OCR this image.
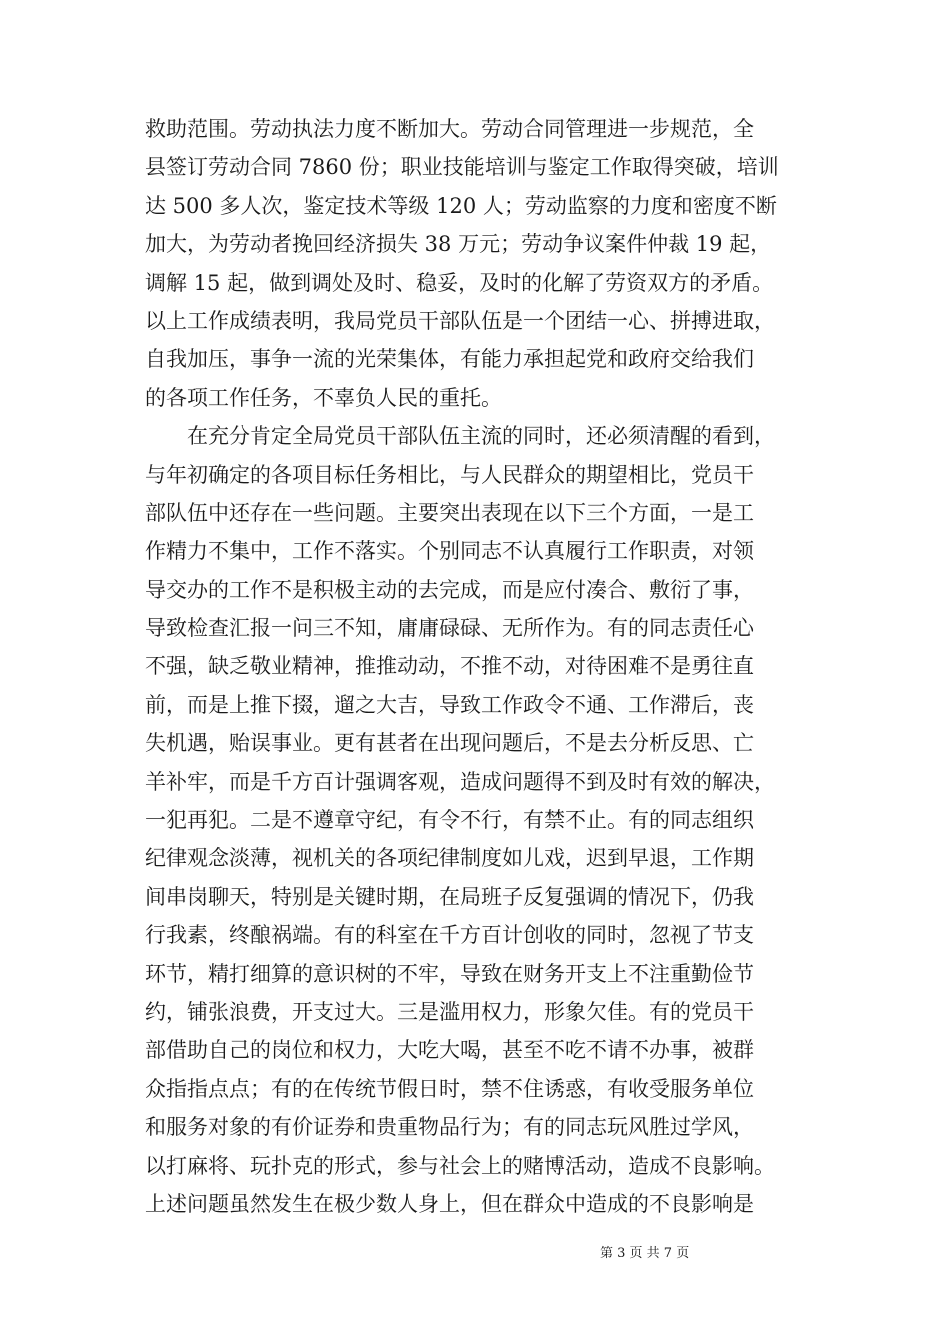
救助范围。劳动执法力度不断加大。劳动合同管理进一步规范，全
县签订劳动合同 7860 份；职业技能培训与鉴定工作取得突破，培训
达 500 多人次，鉴定技术等级 120 人；劳动监察的力度和密度不断
加大，为劳动者挽回经济损失 38 万元；劳动争议案件仲裁 19 起，
调解 15 起，做到调处及时、稳妥，及时的化解了劳资双方的矛盾。
以上工作成绩表明，我局党员干部队伍是一个团结一心、拼搏进取，
自我加压，事争一流的光荣集体，有能力承担起党和政府交给我们
的各项工作任务，不辜负人民的重托。
在充分肯定全局党员干部队伍主流的同时，还必须清醒的看到，
与年初确定的各项目标任务相比，与人民群众的期望相比，党员干
部队伍中还存在一些问题。主要突出表现在以下三个方面，一是工
作精力不集中，工作不落实。个别同志不认真履行工作职责，对领
导交办的工作不是积极主动的去完成，而是应付凑合、敷衍了事，
导致检查汇报一问三不知，庸庸碌碌、无所作为。有的同志责任心
不强，缺乏敬业精神，推推动动，不推不动，对待困难不是勇往直
前，而是上推下掇，遛之大吉，导致工作政令不通、工作滞后，丧
失机遇，贻误事业。更有甚者在出现问题后，不是去分析反思、亡
羊补牢，而是千方百计强调客观，造成问题得不到及时有效的解决，
一犯再犯。二是不遵章守纪，有令不行，有禁不止。有的同志组织
纪律观念淡薄，视机关的各项纪律制度如儿戏，迟到早退，工作期
间串岗聊天，特别是关键时期，在局班子反复强调的情况下，仍我
行我素，终酿祸端。有的科室在千方百计创收的同时，忽视了节支
环节，精打细算的意识树的不牢，导致在财务开支上不注重勤俭节
约，铺张浪费，开支过大。三是滥用权力，形象欠佳。有的党员干
部借助自己的岗位和权力，大吃大喝，甚至不吃不请不办事，被群
众指指点点；有的在传统节假日时，禁不住诱惑，有收受服务单位
和服务对象的有价证券和贵重物品行为；有的同志玩风胜过学风，
以打麻将、玩扑克的形式，参与社会上的赌博活动，造成不良影响。
上述问题虽然发生在极少数人身上，但在群众中造成的不良影响是
第 3 页 共 7 页
